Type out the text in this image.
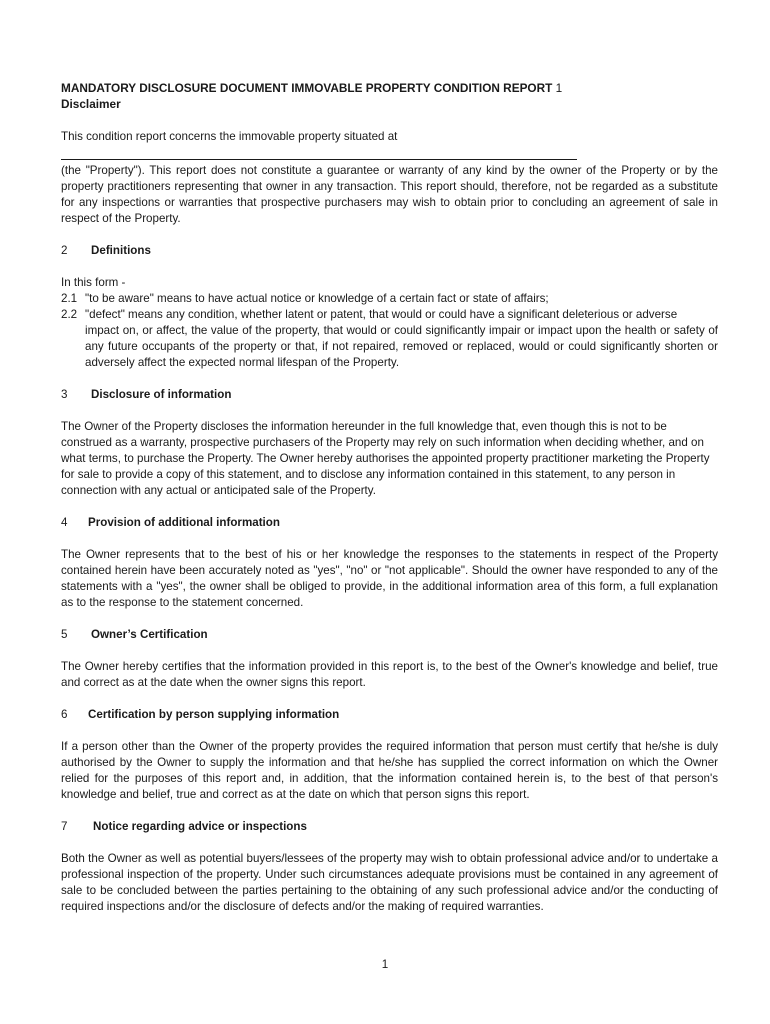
MANDATORY DISCLOSURE DOCUMENT IMMOVABLE PROPERTY CONDITION REPORT 1
Disclaimer

This condition report concerns the immovable property situated at

(the "Property"). This report does not constitute a guarantee or warranty of any kind by the owner of the Property or by the property practitioners representing that owner in any transaction. This report should, therefore, not be regarded as a substitute for any inspections or warranties that prospective purchasers may wish to obtain prior to concluding an agreement of sale in respect of the Property.

2	Definitions

In this form -

2.1 "to be aware" means to have actual notice or knowledge of a certain fact or state of affairs;
2.2 "defect" means any condition, whether latent or patent, that would or could have a significant deleterious or adverse

impact on, or affect, the value of the property, that would or could significantly impair or impact upon the health or safety of any future occupants of the property or that, if not repaired, removed or replaced, would or could significantly shorten or adversely affect the expected normal lifespan of the Property.

3	Disclosure of information

The Owner of the Property discloses the information hereunder in the full knowledge that, even though this is not to be construed as a warranty, prospective purchasers of the Property may rely on such information when deciding whether, and on what terms, to purchase the Property. The Owner hereby authorises the appointed property practitioner marketing the Property for sale to provide a copy of this statement, and to disclose any information contained in this statement, to any person in connection with any actual or anticipated sale of the Property.

4	Provision of additional information

The Owner represents that to the best of his or her knowledge the responses to the statements in respect of the Property contained herein have been accurately noted as "yes", "no" or "not applicable". Should the owner have responded to any of the statements with a "yes", the owner shall be obliged to provide, in the additional information area of this form, a full explanation as to the response to the statement concerned.

5	Owner’s Certification

The Owner hereby certifies that the information provided in this report is, to the best of the Owner's knowledge and belief, true and correct as at the date when the owner signs this report.

6	Certification by person supplying information

If a person other than the Owner of the property provides the required information that person must certify that he/she is duly authorised by the Owner to supply the information and that he/she has supplied the correct information on which the Owner relied for the purposes of this report and, in addition, that the information contained herein is, to the best of that person's knowledge and belief, true and correct as at the date on which that person signs this report.

7	Notice regarding advice or inspections

Both the Owner as well as potential buyers/lessees of the property may wish to obtain professional advice and/or to undertake a professional inspection of the property. Under such circumstances adequate provisions must be contained in any agreement of sale to be concluded between the parties pertaining to the obtaining of any such professional advice and/or the conducting of required inspections and/or the disclosure of defects and/or the making of required warranties.

1
